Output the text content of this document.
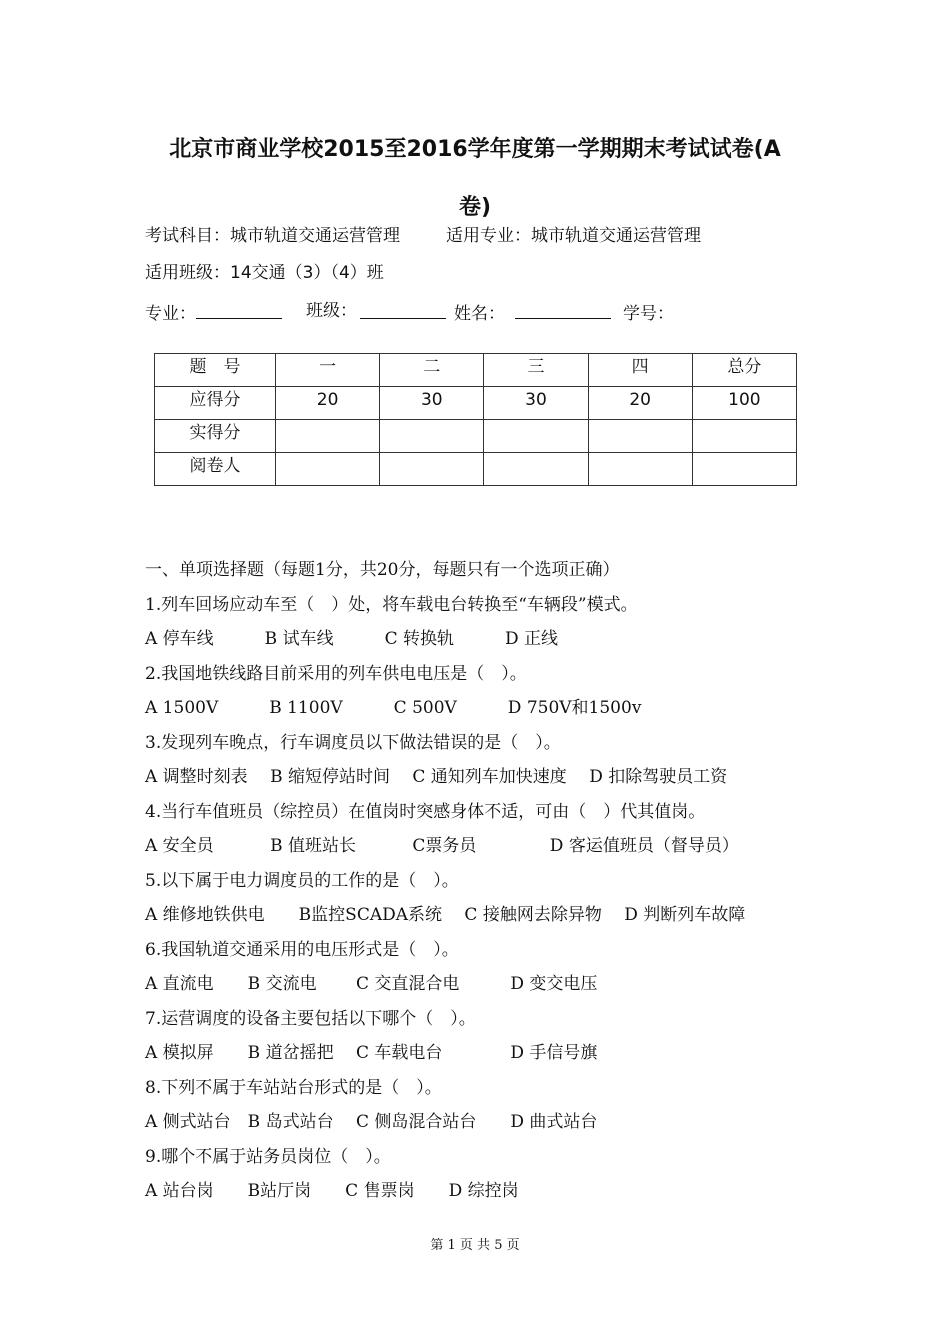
北京市商业学校2015至2016学年度第一学期期末考试试卷(A
卷)

考试科目：城市轨道交通运营管理	适用专业：城市轨道交通运营管理
适用班级：14交通（3）（4）班
专业：	班级：	姓名：	学号：
题　号	一	二	三	四	总分
应得分	20	30	30	20	100
实得分					
阅卷人					
一、单项选择题（每题1分，共20分，每题只有一个选项正确）
1.列车回场应动车至（　）处，将车载电台转换至“车辆段”模式。
A 停车线　　　B 试车线　　　C 转换轨　　　D 正线
2.我国地铁线路目前采用的列车供电电压是（　）。
A 1500V　　　B 1100V　　　C 500V　　　D 750V和1500v
3.发现列车晚点，行车调度员以下做法错误的是（　）。
A 调整时刻表　 B 缩短停站时间　 C 通知列车加快速度　 D 扣除驾驶员工资
4.当行车值班员（综控员）在值岗时突感身体不适，可由（　）代其值岗。
A 安全员　　　 B 值班站长　　　 C票务员　　　　 D 客运值班员（督导员）
5.以下属于电力调度员的工作的是（　）。
A 维修地铁供电　　B监控SCADA系统　 C 接触网去除异物　 D 判断列车故障
6.我国轨道交通采用的电压形式是（　）。
A 直流电　　B 交流电　　 C 交直混合电　　　D 变交电压
7.运营调度的设备主要包括以下哪个（　）。
A 模拟屏　　B 道岔摇把　 C 车载电台　　　　D 手信号旗
8.下列不属于车站站台形式的是（　）。
A 侧式站台　B 岛式站台　 C 侧岛混合站台　　D 曲式站台
9.哪个不属于站务员岗位（　）。
A 站台岗　　B站厅岗　　C 售票岗　　D 综控岗
第 1 页 共 5 页
